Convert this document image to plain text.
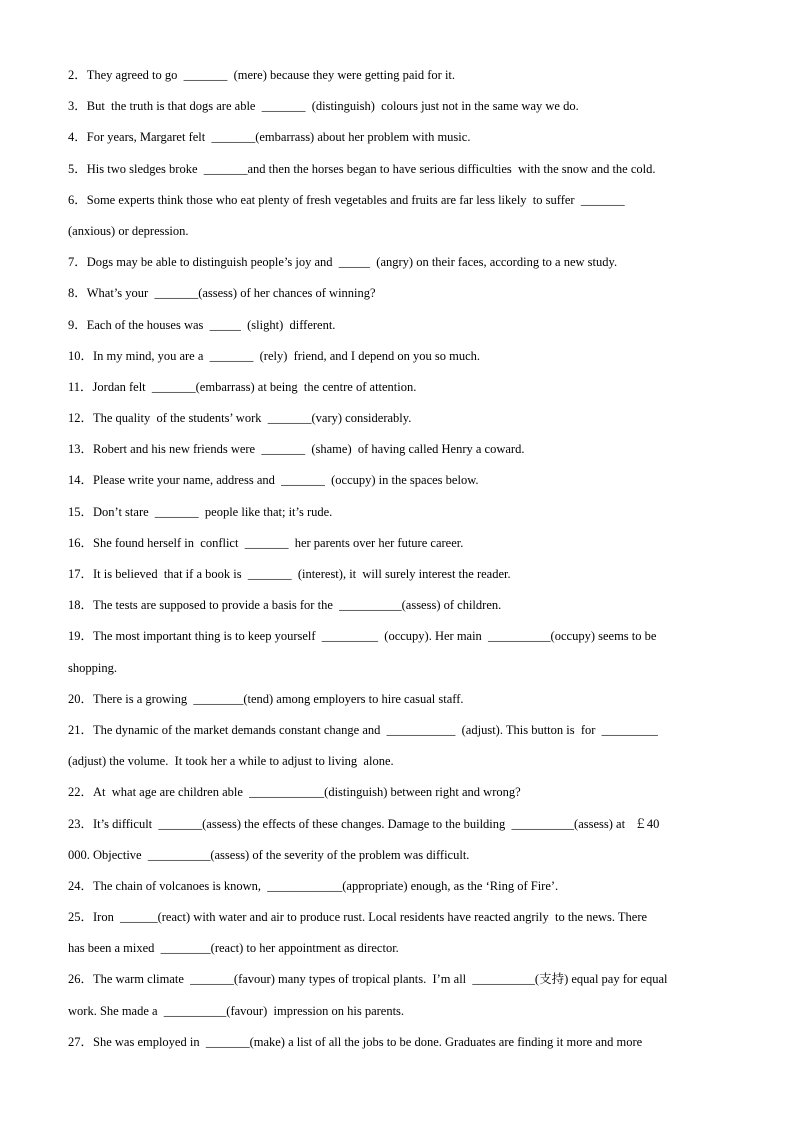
2．They agreed to go  _______  (mere) because they were getting paid for it.
3．But  the truth is that dogs are able  _______  (distinguish)  colours just not in the same way we do.
4．For years, Margaret felt  _______(embarrass) about her problem with music.
5．His two sledges broke  _______and then the horses began to have serious difficulties  with the snow and the cold.
6．Some experts think those who eat plenty of fresh vegetables and fruits are far less likely  to suffer  _______
(anxious) or depression.
7．Dogs may be able to distinguish people’s joy and  _____  (angry) on their faces, according to a new study.
8．What’s your  _______(assess) of her chances of winning?
9．Each of the houses was  _____  (slight)  different.
10．In my mind, you are a  _______  (rely)  friend, and I depend on you so much.
11．Jordan felt  _______(embarrass) at being  the centre of attention.
12．The quality  of the students’ work  _______(vary) considerably.
13．Robert and his new friends were  _______  (shame)  of having called Henry a coward.
14．Please write your name, address and  _______  (occupy) in the spaces below.
15．Don’t stare  _______  people like that; it’s rude.
16．She found herself in  conflict  _______  her parents over her future career.
17．It is believed  that if a book is  _______  (interest), it  will surely interest the reader.
18．The tests are supposed to provide a basis for the  __________(assess) of children.
19．The most important thing is to keep yourself  _________  (occupy). Her main  __________(occupy) seems to be
shopping.
20．There is a growing  ________(tend) among employers to hire casual staff.
21．The dynamic of the market demands constant change and  ___________  (adjust). This button is  for  _________
(adjust) the volume.  It took her a while to adjust to living  alone.
22．At  what age are children able  ____________(distinguish) between right and wrong?
23．It’s difficult  _______(assess) the effects of these changes. Damage to the building  __________(assess) at   ￡40
000. Objective  __________(assess) of the severity of the problem was difficult.
24．The chain of volcanoes is known,  ____________(appropriate) enough, as the ‘Ring of Fire’.
25．Iron  ______(react) with water and air to produce rust. Local residents have reacted angrily  to the news. There
has been a mixed  ________(react) to her appointment as director.
26．The warm climate  _______(favour) many types of tropical plants.  I’m all  __________(支持) equal pay for equal
work. She made a  __________(favour)  impression on his parents.
27．She was employed in  _______(make) a list of all the jobs to be done. Graduates are finding it more and more
